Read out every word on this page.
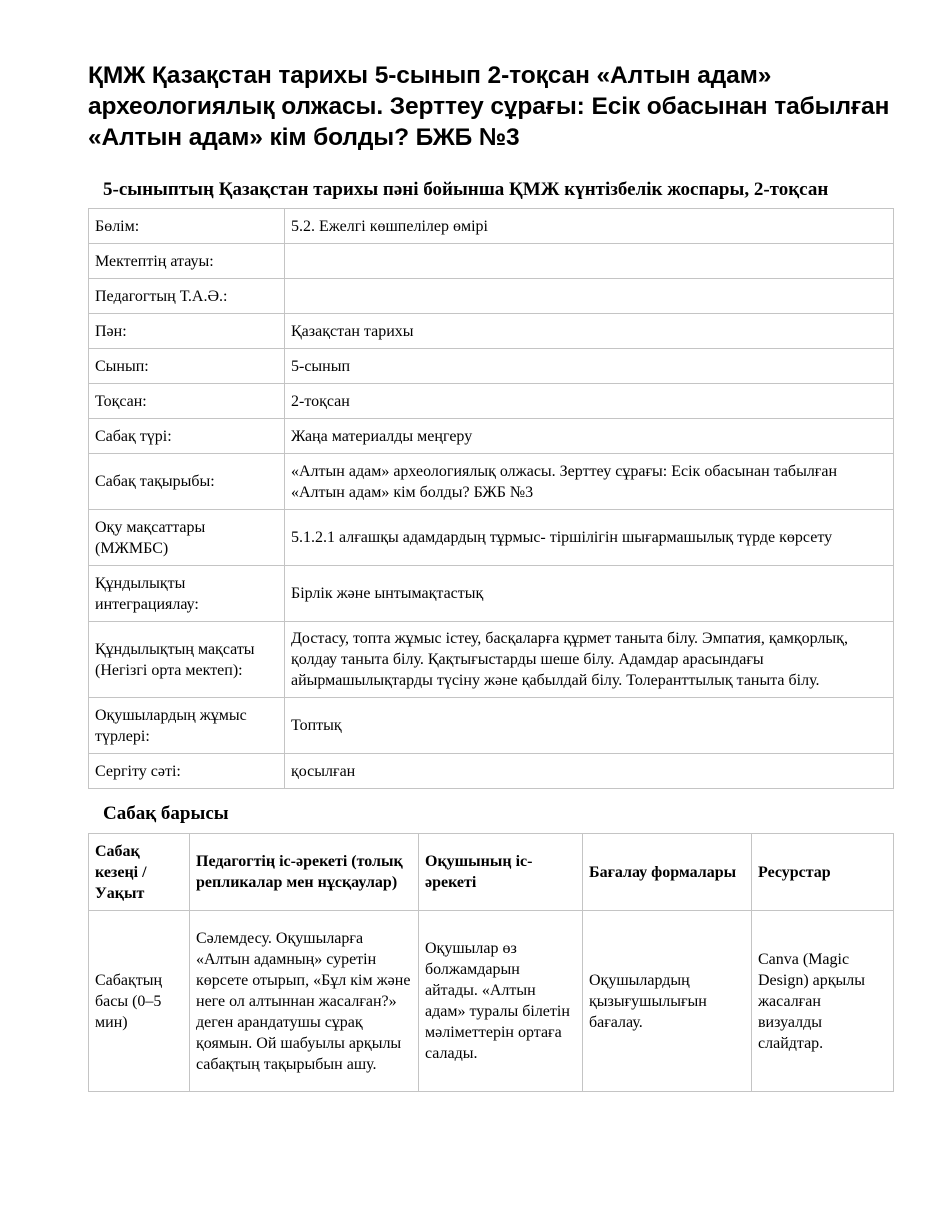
ҚМЖ Қазақстан тарихы 5-сынып 2-тоқсан «Алтын адам» археологиялық олжасы. Зерттеу сұрағы: Есік обасынан табылған «Алтын адам» кім болды? БЖБ №3
5-сыныптың Қазақстан тарихы пәні бойынша ҚМЖ күнтізбелік жоспары, 2-тоқсан
Бөлім:	5.2. Ежелгі көшпелілер өмірі
Мектептің атауы:	
Педагогтың Т.А.Ә.:	
Пән:	Қазақстан тарихы
Сынып:	5-сынып
Тоқсан:	2-тоқсан
Сабақ түрі:	Жаңа материалды меңгеру
Сабақ тақырыбы:	«Алтын адам» археологиялық олжасы. Зерттеу сұрағы: Есік обасынан табылған «Алтын адам» кім болды? БЖБ №3
Оқу мақсаттары (МЖМБС)	5.1.2.1 алғашқы адамдардың тұрмыс- тіршілігін шығармашылық түрде көрсету
Құндылықты интеграциялау:	Бірлік және ынтымақтастық
Құндылықтың мақсаты (Негізгі орта мектеп):	Достасу, топта жұмыс істеу, басқаларға құрмет таныта білу. Эмпатия, қамқорлық, қолдау таныта білу. Қақтығыстарды шеше білу. Адамдар арасындағы айырмашылықтарды түсіну және қабылдай білу. Толеранттылық таныта білу.
Оқушылардың жұмыс түрлері:	Топтық
Сергіту сәті:	қосылған
Сабақ барысы
Сабақ кезеңі / Уақыт	Педагогтің іс-әрекеті (толық репликалар мен нұсқаулар)	Оқушының іс-әрекеті	Бағалау формалары	Ресурстар
Сабақтың басы (0–5 мин)	Сәлемдесу. Оқушыларға «Алтын адамның» суретін көрсете отырып, «Бұл кім және неге ол алтыннан жасалған?» деген арандатушы сұрақ қоямын. Ой шабуылы арқылы сабақтың тақырыбын ашу.	Оқушылар өз болжамдарын айтады. «Алтын адам» туралы білетін мәліметтерін ортаға салады.	Оқушылардың қызығушылығын бағалау.	Canva (Magic Design) арқылы жасалған визуалды слайдтар.
